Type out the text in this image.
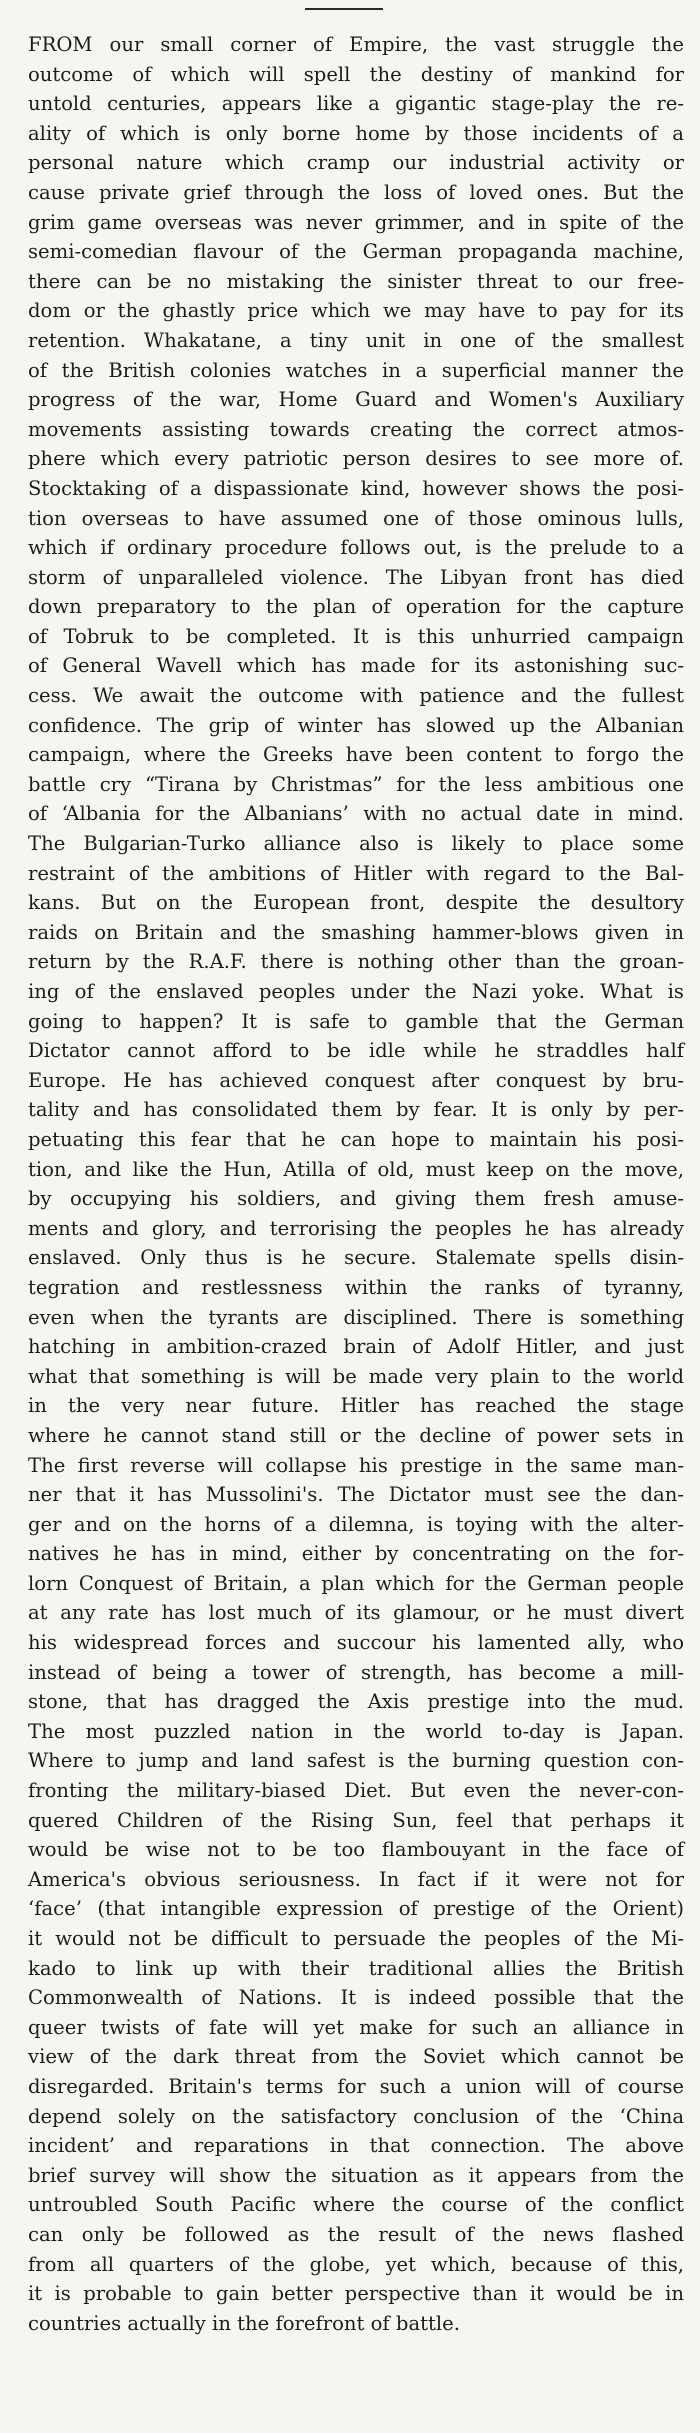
FROM our small corner of Empire, the vast struggle the
outcome of which will spell the destiny of mankind for
untold centuries, appears like a gigantic stage-play the re-
ality of which is only borne home by those incidents of a
personal nature which cramp our industrial activity or
cause private grief through the loss of loved ones. But the
grim game overseas was never grimmer, and in spite of the
semi-comedian flavour of the German propaganda machine,
there can be no mistaking the sinister threat to our free-
dom or the ghastly price which we may have to pay for its
retention. Whakatane, a tiny unit in one of the smallest
of the British colonies watches in a superficial manner the
progress of the war, Home Guard and Women's Auxiliary
movements assisting towards creating the correct atmos-
phere which every patriotic person desires to see more of.
Stocktaking of a dispassionate kind, however shows the posi-
tion overseas to have assumed one of those ominous lulls,
which if ordinary procedure follows out, is the prelude to a
storm of unparalleled violence. The Libyan front has died
down preparatory to the plan of operation for the capture
of Tobruk to be completed. It is this unhurried campaign
of General Wavell which has made for its astonishing suc-
cess. We await the outcome with patience and the fullest
confidence. The grip of winter has slowed up the Albanian
campaign, where the Greeks have been content to forgo the
battle cry “Tirana by Christmas” for the less ambitious one
of ‘Albania for the Albanians’ with no actual date in mind.
The Bulgarian-Turko alliance also is likely to place some
restraint of the ambitions of Hitler with regard to the Bal-
kans. But on the European front, despite the desultory
raids on Britain and the smashing hammer-blows given in
return by the R.A.F. there is nothing other than the groan-
ing of the enslaved peoples under the Nazi yoke. What is
going to happen? It is safe to gamble that the German
Dictator cannot afford to be idle while he straddles half
Europe. He has achieved conquest after conquest by bru-
tality and has consolidated them by fear. It is only by per-
petuating this fear that he can hope to maintain his posi-
tion, and like the Hun, Atilla of old, must keep on the move,
by occupying his soldiers, and giving them fresh amuse-
ments and glory, and terrorising the peoples he has already
enslaved. Only thus is he secure. Stalemate spells disin-
tegration and restlessness within the ranks of tyranny,
even when the tyrants are disciplined. There is something
hatching in ambition-crazed brain of Adolf Hitler, and just
what that something is will be made very plain to the world
in the very near future. Hitler has reached the stage
where he cannot stand still or the decline of power sets in
The first reverse will collapse his prestige in the same man-
ner that it has Mussolini's. The Dictator must see the dan-
ger and on the horns of a dilemna, is toying with the alter-
natives he has in mind, either by concentrating on the for-
lorn Conquest of Britain, a plan which for the German people
at any rate has lost much of its glamour, or he must divert
his widespread forces and succour his lamented ally, who
instead of being a tower of strength, has become a mill-
stone, that has dragged the Axis prestige into the mud.
The most puzzled nation in the world to-day is Japan.
Where to jump and land safest is the burning question con-
fronting the military-biased Diet. But even the never-con-
quered Children of the Rising Sun, feel that perhaps it
would be wise not to be too flambouyant in the face of
America's obvious seriousness. In fact if it were not for
‘face’ (that intangible expression of prestige of the Orient)
it would not be difficult to persuade the peoples of the Mi-
kado to link up with their traditional allies the British
Commonwealth of Nations. It is indeed possible that the
queer twists of fate will yet make for such an alliance in
view of the dark threat from the Soviet which cannot be
disregarded. Britain's terms for such a union will of course
depend solely on the satisfactory conclusion of the ‘China
incident’ and reparations in that connection. The above
brief survey will show the situation as it appears from the
untroubled South Pacific where the course of the conflict
can only be followed as the result of the news flashed
from all quarters of the globe, yet which, because of this,
it is probable to gain better perspective than it would be in
countries actually in the forefront of battle.
